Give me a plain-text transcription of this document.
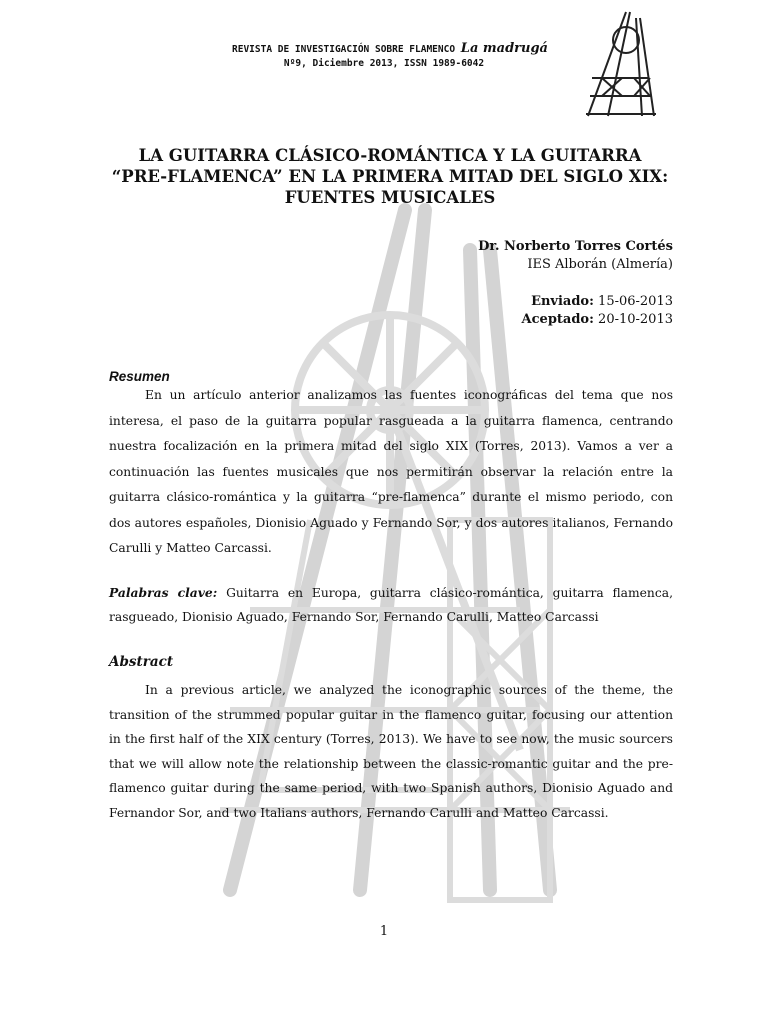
REVISTA DE INVESTIGACIÓN SOBRE FLAMENCO La madrugá
Nº9, Diciembre 2013, ISSN 1989-6042
LA GUITARRA CLÁSICO-ROMÁNTICA Y LA GUITARRA
“PRE-FLAMENCA” EN LA PRIMERA MITAD DEL SIGLO XIX:
FUENTES MUSICALES
Dr. Norberto Torres Cortés
IES Alborán (Almería)
Enviado: 15-06-2013
Aceptado: 20-10-2013
Resumen

En un artículo anterior analizamos las fuentes iconográficas del tema que nos interesa, el paso de la guitarra popular rasgueada a la guitarra flamenca, centrando nuestra focalización en la primera mitad del siglo XIX (Torres, 2013). Vamos a ver a continuación las fuentes musicales que nos permitirán observar la relación entre la guitarra clásico-romántica y la guitarra “pre-flamenca” durante el mismo periodo, con dos autores españoles, Dionisio Aguado y Fernando Sor, y dos autores italianos, Fernando Carulli y Matteo Carcassi.

Palabras clave: Guitarra en Europa, guitarra clásico-romántica, guitarra flamenca, rasgueado, Dionisio Aguado, Fernando Sor, Fernando Carulli, Matteo Carcassi

Abstract

In a previous article, we analyzed the iconographic sources of the theme, the transition of the strummed popular guitar in the flamenco guitar, focusing our attention in the first half of the XIX century (Torres, 2013). We have to see now, the music sourcers that we will allow note the relationship between the classic-romantic guitar and the pre-flamenco guitar during the same period, with two Spanish authors, Dionisio Aguado and Fernandor Sor, and two Italians authors, Fernando Carulli and Matteo Carcassi.

1
